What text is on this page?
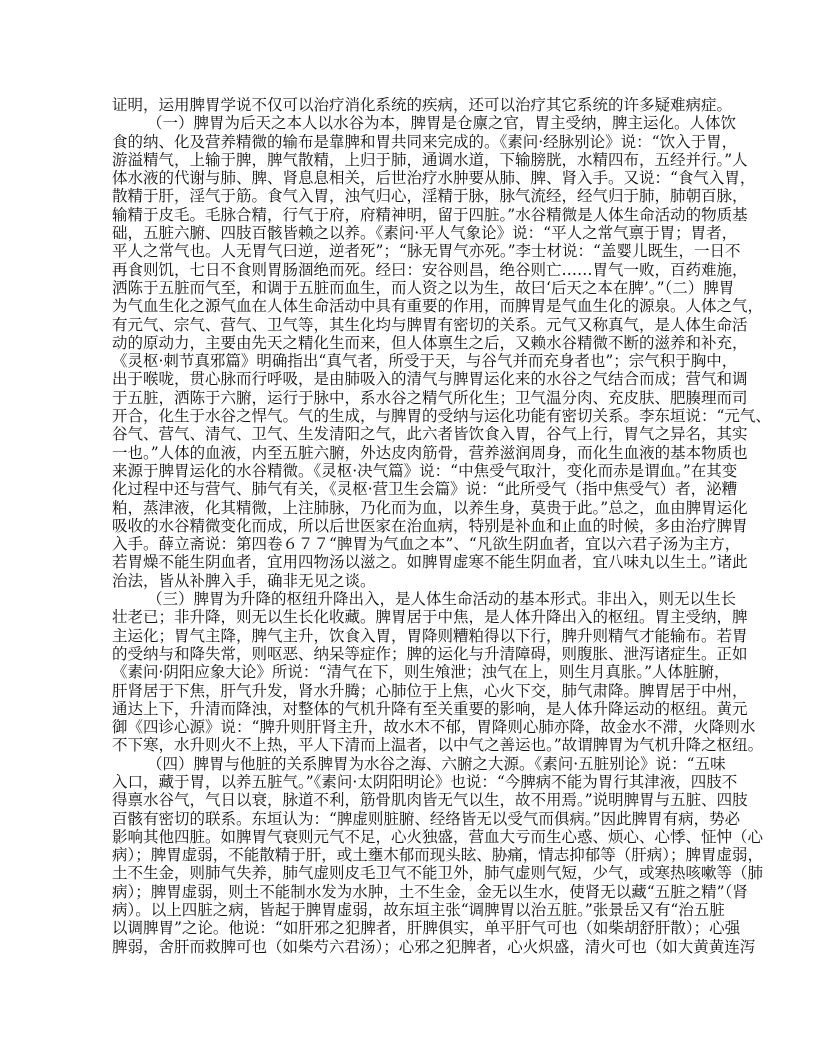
证明，运用脾胃学说不仅可以治疗消化系统的疾病，还可以治疗其它系统的许多疑难病症。
（一）脾胃为后天之本人以水谷为本，脾胃是仓廪之官，胃主受纳，脾主运化。人体饮
食的纳、化及营养精微的输布是靠脾和胃共同来完成的。《素问·经脉别论》说：“饮入于胃，
游溢精气，上输于脾，脾气散精，上归于肺，通调水道，下输膀胱，水精四布，五经并行。”人
体水液的代谢与肺、脾、肾息息相关，后世治疗水肿要从肺、脾、肾入手。又说：“食气入胃，
散精于肝，淫气于筋。食气入胃，浊气归心，淫精于脉，脉气流经，经气归于肺，肺朝百脉，
输精于皮毛。毛脉合精，行气于府，府精神明，留于四脏。”水谷精微是人体生命活动的物质基
础，五脏六腑、四肢百骸皆赖之以养。《素问·平人气象论》说：“平人之常气禀于胃；胃者，
平人之常气也。人无胃气曰逆，逆者死”；“脉无胃气亦死。”李士材说：“盖婴儿既生，一日不
再食则饥，七日不食则胃肠涸绝而死。经曰：安谷则昌，绝谷则亡……胃气一败，百药难施，
洒陈于五脏而气至，和调于五脏而血生，而人资之以为生，故曰‘后天之本在脾’。”（二）脾胃
为气血生化之源气血在人体生命活动中具有重要的作用，而脾胃是气血生化的源泉。人体之气，
有元气、宗气、营气、卫气等，其生化均与脾胃有密切的关系。元气又称真气，是人体生命活
动的原动力，主要由先天之精化生而来，但人体禀生之后，又赖水谷精微不断的滋养和补充，
《灵枢·刺节真邪篇》明确指出“真气者，所受于天，与谷气并而充身者也”；宗气积于胸中，
出于喉咙，贯心脉而行呼吸，是由肺吸入的清气与脾胃运化来的水谷之气结合而成；营气和调
于五脏，洒陈于六腑，运行于脉中，系水谷之精气所化生；卫气温分肉、充皮肤、肥腠理而司
开合，化生于水谷之悍气。气的生成，与脾胃的受纳与运化功能有密切关系。李东垣说：“元气、
谷气、营气、清气、卫气、生发清阳之气，此六者皆饮食入胃，谷气上行，胃气之异名，其实
一也。”人体的血液，内至五脏六腑，外达皮肉筋骨，营养滋润周身，而化生血液的基本物质也
来源于脾胃运化的水谷精微。《灵枢·决气篇》说：“中焦受气取汁，变化而赤是谓血。”在其变
化过程中还与营气、肺气有关，《灵枢·营卫生会篇》说：“此所受气（指中焦受气）者，泌糟
粕，蒸津液，化其精微，上注肺脉，乃化而为血，以养生身，莫贵于此。”总之，血由脾胃运化
吸收的水谷精微变化而成，所以后世医家在治血病，特别是补血和止血的时候，多由治疗脾胃
入手。薛立斋说：第四卷６７７“脾胃为气血之本”、“凡欲生阴血者，宜以六君子汤为主方，
若胃燥不能生阴血者，宜用四物汤以滋之。如脾胃虚寒不能生阴血者，宜八味丸以生土。”诸此
治法，皆从补脾入手，确非无见之谈。
（三）脾胃为升降的枢纽升降出入，是人体生命活动的基本形式。非出入，则无以生长
壮老已；非升降，则无以生长化收藏。脾胃居于中焦，是人体升降出入的枢纽。胃主受纳，脾
主运化；胃气主降，脾气主升，饮食入胃，胃降则糟粕得以下行，脾升则精气才能输布。若胃
的受纳与和降失常，则呕恶、纳呆等症作；脾的运化与升清障碍，则腹胀、泄泻诸症生。正如
《素问·阴阳应象大论》所说：“清气在下，则生飧泄；浊气在上，则生月真胀。”人体脏腑，
肝肾居于下焦，肝气升发，肾水升腾；心肺位于上焦，心火下交，肺气肃降。脾胃居于中州，
通达上下，升清而降浊，对整体的气机升降有至关重要的影响，是人体升降运动的枢纽。黄元
御《四诊心源》说：“脾升则肝肾主升，故水木不郁，胃降则心肺亦降，故金水不滞，火降则水
不下寒，水升则火不上热，平人下清而上温者，以中气之善运也。”故谓脾胃为气机升降之枢纽。
（四）脾胃与他脏的关系脾胃为水谷之海、六腑之大源。《素问·五脏别论》说：“五味
入口，藏于胃，以养五脏气。”《素问·太阴阳明论》也说：“今脾病不能为胃行其津液，四肢不
得禀水谷气，气日以衰，脉道不利，筋骨肌肉皆无气以生，故不用焉。”说明脾胃与五脏、四肢
百骸有密切的联系。东垣认为：“脾虚则脏腑、经络皆无以受气而俱病。”因此脾胃有病，势必
影响其他四脏。如脾胃气衰则元气不足，心火独盛，营血大亏而生心惑、烦心、心悸、怔忡（心
病）；脾胃虚弱，不能散精于肝，或土壅木郁而现头眩、胁痛，情志抑郁等（肝病）；脾胃虚弱，
土不生金，则肺气失养，肺气虚则皮毛卫气不能卫外，肺气虚则气短，少气，或寒热咳嗽等（肺
病）；脾胃虚弱，则土不能制水发为水肿，土不生金，金无以生水，使肾无以藏“五脏之精”（肾
病）。以上四脏之病，皆起于脾胃虚弱，故东垣主张“调脾胃以治五脏。”张景岳又有“治五脏
以调脾胃”之论。他说：“如肝邪之犯脾者，肝脾俱实，单平肝气可也（如柴胡舒肝散）；心强
脾弱，舍肝而救脾可也（如柴芍六君汤）；心邪之犯脾者，心火炽盛，清火可也（如大黄黄连泻
